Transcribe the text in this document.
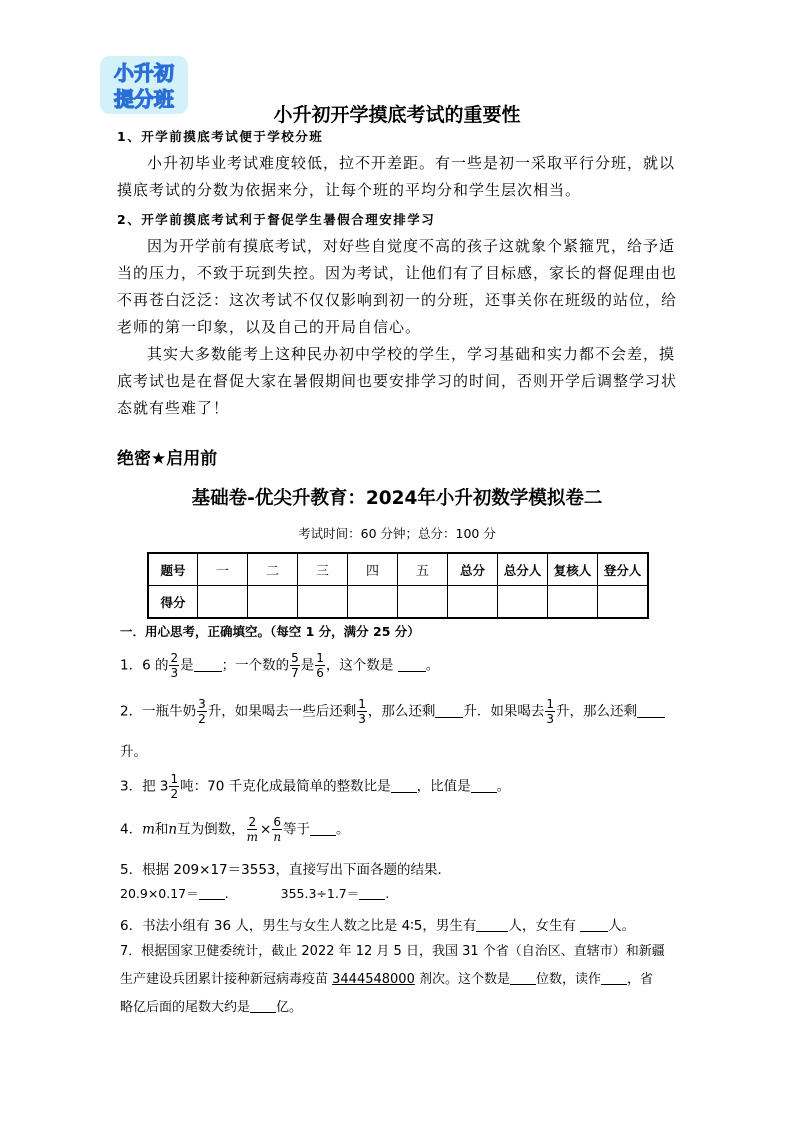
小升初
提分班
小升初开学摸底考试的重要性
1、开学前摸底考试便于学校分班

小升初毕业考试难度较低，拉不开差距。有一些是初一采取平行分班，就以摸底考试的分数为依据来分，让每个班的平均分和学生层次相当。

2、开学前摸底考试利于督促学生暑假合理安排学习

因为开学前有摸底考试，对好些自觉度不高的孩子这就象个紧箍咒，给予适当的压力，不致于玩到失控。因为考试，让他们有了目标感，家长的督促理由也不再苍白泛泛：这次考试不仅仅影响到初一的分班，还事关你在班级的站位，给老师的第一印象，以及自己的开局自信心。

其实大多数能考上这种民办初中学校的学生，学习基础和实力都不会差，摸底考试也是在督促大家在暑假期间也要安排学习的时间，否则开学后调整学习状态就有些难了！

绝密★启用前
基础卷-优尖升教育：2024年小升初数学模拟卷二
考试时间：60 分钟；总分：100 分
题号	一	二	三	四	五	总分	总分人	复核人	登分人
得分									
一．用心思考，正确填空。（每空 1 分，满分 25 分）
1．6 的 $\frac{2}{3}$ 是 ；一个数的 $\frac{5}{7}$ 是 $\frac{1}{6}$ ，这个数是 。
2．一瓶牛奶 $\frac{3}{2}$ 升，如果喝去一些后还剩 $\frac{1}{3}$ ，那么还剩 升．如果喝去 $\frac{1}{3}$ 升，那么还剩
升。
3．把 $3 \frac{1}{2}$ 吨：70 千克化成最简单的整数比是 ，比值是 。
4．m和n互为倒数， $\frac{2}{m} \times \frac{6}{n}$ 等于 。
5．根据 209×17＝3553，直接写出下面各题的结果．
20.9×0.17＝ .	355.3÷1.7＝ .
6．书法小组有 36 人，男生与女生人数之比是 4∶5，男生有 人，女生有 人。
7．根据国家卫健委统计，截止 2022 年 12 月 5 日，我国 31 个省（自治区、直辖市）和新疆
生产建设兵团累计接种新冠病毒疫苗 3444548000 剂次。这个数是 位数，读作 ，省
略亿后面的尾数大约是 亿。
